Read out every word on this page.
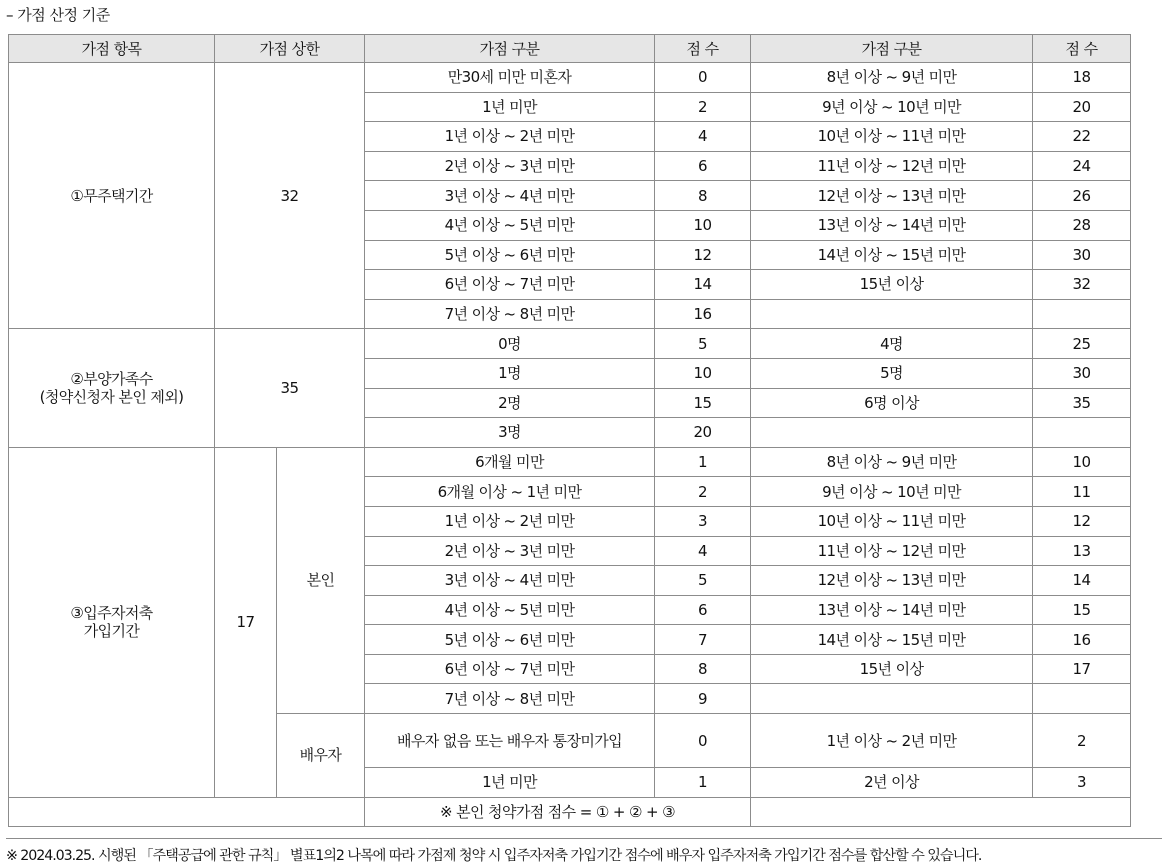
– 가점 산정 기준
가점 항목	가점 상한		가점 구분	점 수	가점 구분	점 수
①무주택기간	32		만30세 미만 미혼자	0	8년 이상 ~ 9년 미만	18
			1년 미만	2	9년 이상 ~ 10년 미만	20
			1년 이상 ~ 2년 미만	4	10년 이상 ~ 11년 미만	22
			2년 이상 ~ 3년 미만	6	11년 이상 ~ 12년 미만	24
			3년 이상 ~ 4년 미만	8	12년 이상 ~ 13년 미만	26
			4년 이상 ~ 5년 미만	10	13년 이상 ~ 14년 미만	28
			5년 이상 ~ 6년 미만	12	14년 이상 ~ 15년 미만	30
			6년 이상 ~ 7년 미만	14	15년 이상	32
			7년 이상 ~ 8년 미만	16		
②부양가족수
(청약신청자 본인 제외)	35		0명	5	4명	25
			1명	10	5명	30
			2명	15	6명 이상	35
			3명	20		
③입주자저축
가입기간	17	본인	6개월 미만	1	8년 이상 ~ 9년 미만	10
			6개월 이상 ~ 1년 미만	2	9년 이상 ~ 10년 미만	11
			1년 이상 ~ 2년 미만	3	10년 이상 ~ 11년 미만	12
			2년 이상 ~ 3년 미만	4	11년 이상 ~ 12년 미만	13
			3년 이상 ~ 4년 미만	5	12년 이상 ~ 13년 미만	14
			4년 이상 ~ 5년 미만	6	13년 이상 ~ 14년 미만	15
			5년 이상 ~ 6년 미만	7	14년 이상 ~ 15년 미만	16
			6년 이상 ~ 7년 미만	8	15년 이상	17
			7년 이상 ~ 8년 미만	9		
		배우자	배우자 없음 또는 배우자 통장미가입	0	1년 이상 ~ 2년 미만	2
			1년 미만	1	2년 이상	3
			※ 본인 청약가점 점수 = ① + ② + ③			
※ 2024.03.25. 시행된 「주택공급에 관한 규칙」 별표1의2 나목에 따라 가점제 청약 시 입주자저축 가입기간 점수에 배우자 입주자저축 가입기간 점수를 합산할 수 있습니다.
